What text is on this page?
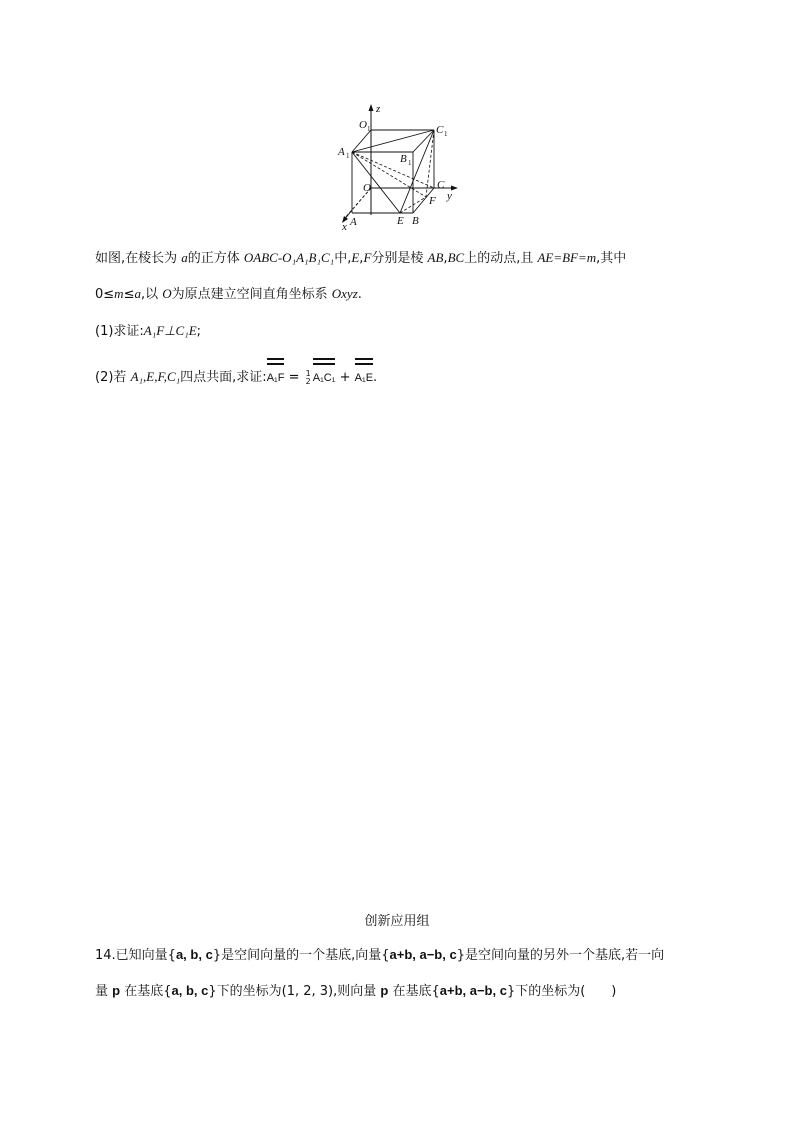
z
y
x
O 1	C 1
A 1	B 1
O	C
F
A	E B
如图,在棱长为 a的正方体 OABC-O₁A₁B₁C₁中,E,F分别是棱 AB,BC上的动点,且 AE=BF=m,其中
0≤m≤a,以 O为原点建立空间直角坐标系 Oxyz.
(1)求证:A₁F⊥C₁E;
(2)若 A₁,E,F,C₁四点共面,求证:A₁F = 1
2 A₁C₁ + A₁E.
创新应用组
14.已知向量{a, b, c}是空间向量的一个基底,向量{a+b, a−b, c}是空间向量的另外一个基底,若一向
量 p 在基底{a, b, c}下的坐标为(1, 2, 3),则向量 p 在基底{a+b, a−b, c}下的坐标为(　　)
